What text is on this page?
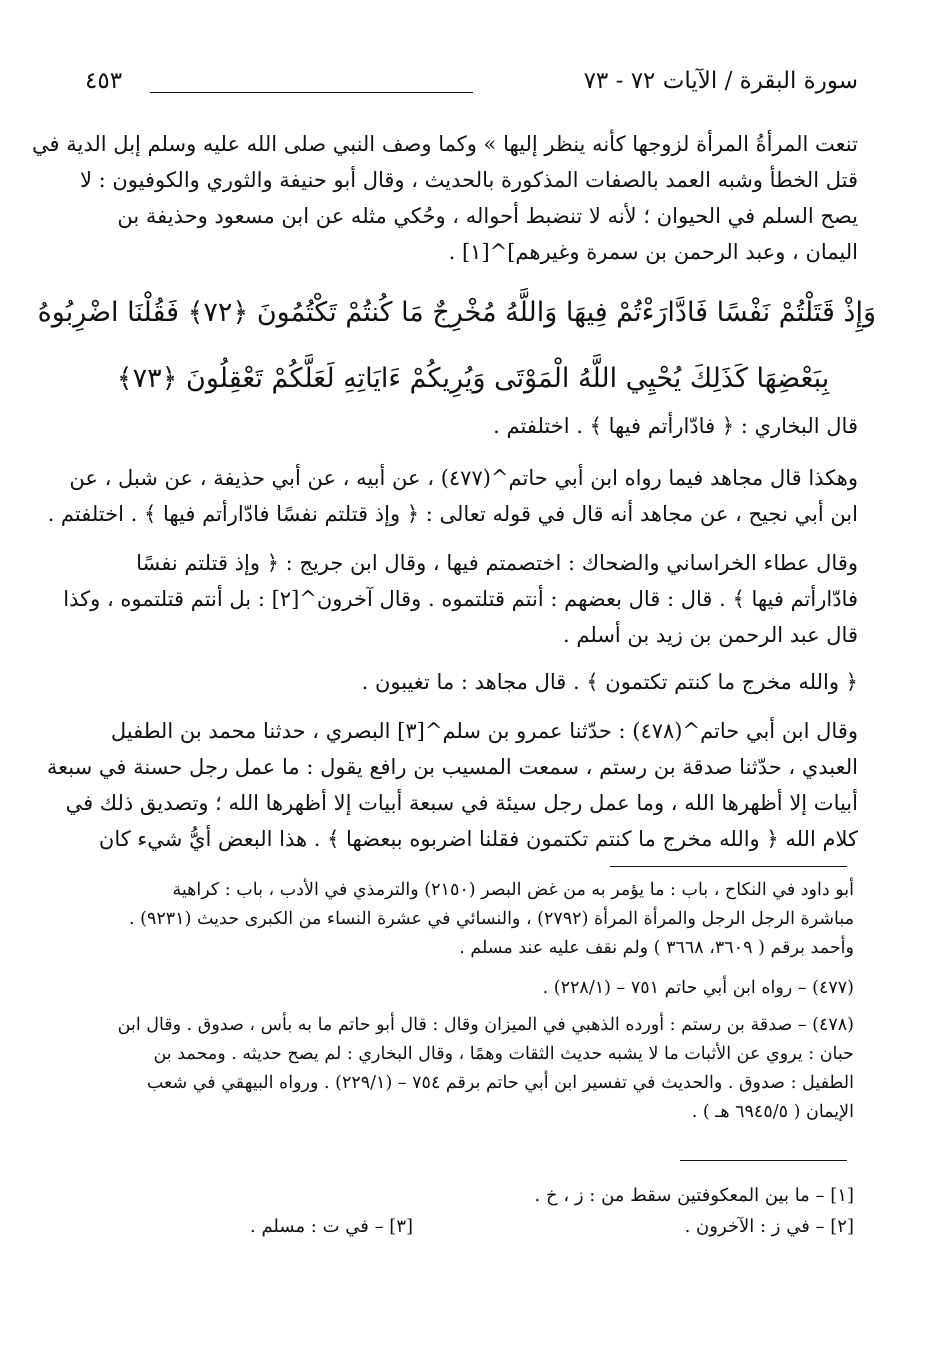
سورة البقرة / الآيات ٧٢ - ٧٣
٤٥٣

تنعت المرأةُ المرأة لزوجها كأنه ينظر إليها » وكما وصف النبي صلى الله عليه وسلم إبل الدية في
قتل الخطأ وشبه العمد بالصفات المذكورة بالحديث ، وقال أبو حنيفة والثوري والكوفيون : لا
يصح السلم في الحيوان ؛ لأنه لا تنضبط أحواله ، وحُكي مثله عن ابن مسعود وحذيفة بن
اليمان ، وعبد الرحمن بن سمرة وغيرهم]^[١] .

وَإِذْ قَتَلْتُمْ نَفْسًا فَادَّارَءْتُمْ فِيهَا وَاللَّهُ مُخْرِجٌ مَا كُنتُمْ تَكْتُمُونَ ﴿٧٢﴾ فَقُلْنَا اضْرِبُوهُ
بِبَعْضِهَا كَذَلِكَ يُحْيِي اللَّهُ الْمَوْتَى وَيُرِيكُمْ ءَايَاتِهِ لَعَلَّكُمْ تَعْقِلُونَ ﴿٧٣﴾

قال البخاري : ﴿ فادّارأتم فيها ﴾ . اختلفتم .

وهكذا قال مجاهد فيما رواه ابن أبي حاتم^(٤٧٧) ، عن أبيه ، عن أبي حذيفة ، عن شبل ، عن
ابن أبي نجيح ، عن مجاهد أنه قال في قوله تعالى : ﴿ وإذ قتلتم نفسًا فادّارأتم فيها ﴾ . اختلفتم .

وقال عطاء الخراساني والضحاك : اختصمتم فيها ، وقال ابن جريج : ﴿ وإذ قتلتم نفسًا
فادّارأتم فيها ﴾ . قال : قال بعضهم : أنتم قتلتموه . وقال آخرون^[٢] : بل أنتم قتلتموه ، وكذا
قال عبد الرحمن بن زيد بن أسلم .

﴿ والله مخرج ما كنتم تكتمون ﴾ . قال مجاهد : ما تغيبون .

وقال ابن أبي حاتم^(٤٧٨) : حدّثنا عمرو بن سلم^[٣] البصري ، حدثنا محمد بن الطفيل
العبدي ، حدّثنا صدقة بن رستم ، سمعت المسيب بن رافع يقول : ما عمل رجل حسنة في سبعة
أبيات إلا أظهرها الله ، وما عمل رجل سيئة في سبعة أبيات إلا أظهرها الله ؛ وتصديق ذلك في
كلام الله ﴿ والله مخرج ما كنتم تكتمون فقلنا اضربوه ببعضها ﴾ . هذا البعض أيُّ شيء كان

أبو داود في النكاح ، باب : ما يؤمر به من غض البصر (٢١٥٠) والترمذي في الأدب ، باب : كراهية
مباشرة الرجل الرجل والمرأة المرأة (٢٧٩٢) ، والنسائي في عشرة النساء من الكبرى حديث (٩٢٣١) .
وأحمد برقم ( ٣٦٠٩، ٣٦٦٨ ) ولم نقف عليه عند مسلم .

(٤٧٧) – رواه ابن أبي حاتم ٧٥١ – (٢٢٨/١) .

(٤٧٨) – صدقة بن رستم : أورده الذهبي في الميزان وقال : قال أبو حاتم ما به بأس ، صدوق . وقال ابن
حبان : يروي عن الأثبات ما لا يشبه حديث الثقات وهمًا ، وقال البخاري : لم يصح حديثه . ومحمد بن
الطفيل : صدوق . والحديث في تفسير ابن أبي حاتم برقم ٧٥٤ – (٢٢٩/١) . ورواه البيهقي في شعب
الإيمان ( ٦٩٤٥/٥ هـ ) .

[١] – ما بين المعكوفتين سقط من : ز ، خ .
[٢] – في ز : الآخرون .
[٣] – في ت : مسلم .
